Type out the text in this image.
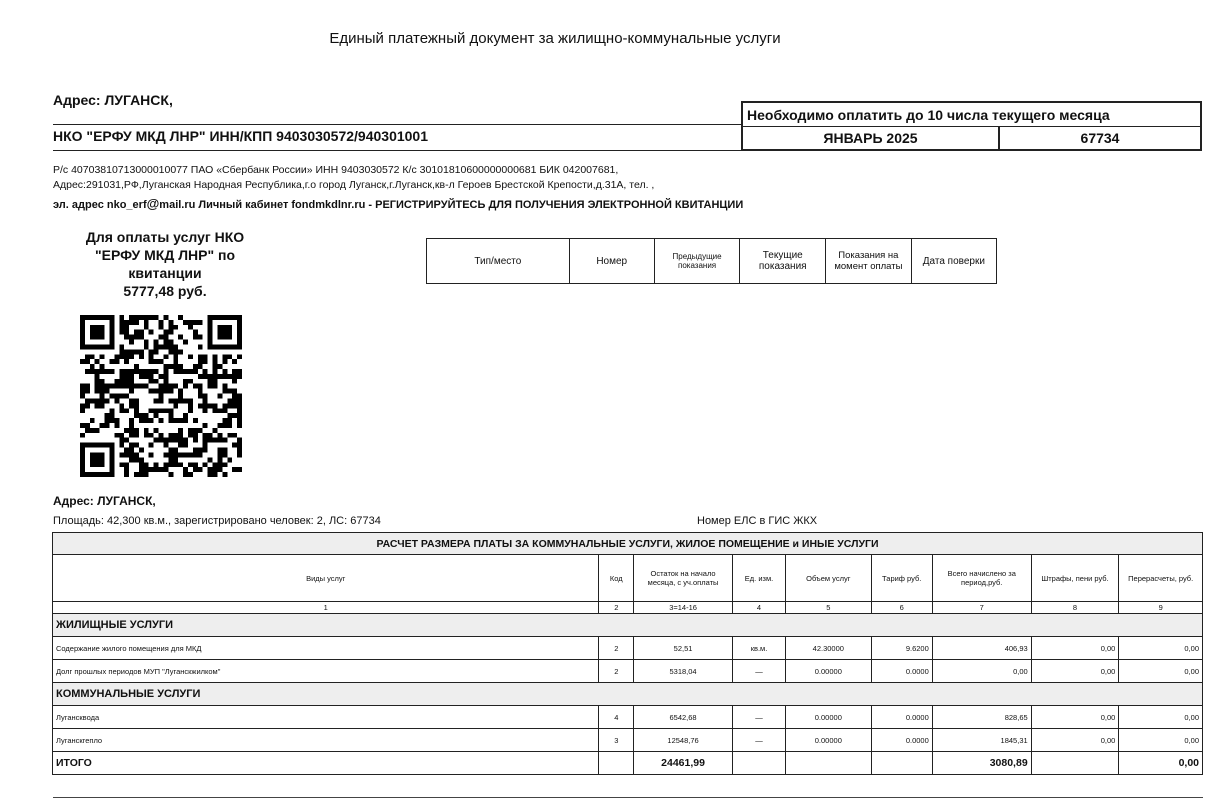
Единый платежный документ за жилищно-коммунальные услуги
Адрес: ЛУГАНСК,
НКО "ЕРФУ МКД ЛНР" ИНН/КПП 9403030572/940301001
Необходимо оплатить до 10 числа текущего месяца
ЯНВАРЬ 2025	67734
Р/с 40703810713000010077 ПАО «Сбербанк России» ИНН 9403030572 К/с 30101810600000000681 БИК 042007681,
Адрес:291031,РФ,Луганская Народная Республика,г.о город Луганск,г.Луганск,кв-л Героев Брестской Крепости,д.31А, тел. ,
эл. адрес nko_erf@mail.ru Личный кабинет fondmkdlnr.ru - РЕГИСТРИРУЙТЕСЬ ДЛЯ ПОЛУЧЕНИЯ ЭЛЕКТРОННОЙ КВИТАНЦИИ
Для оплаты услуг НКО
"ЕРФУ МКД ЛНР" по
квитанции
5777,48 руб.
Тип/место	Номер	Предыдущие показания	Текущие показания	Показания на момент оплаты	Дата поверки
Адрес: ЛУГАНСК,
Площадь: 42,300 кв.м., зарегистрировано человек: 2, ЛС: 67734	Номер ЕЛС в ГИС ЖКХ
РАСЧЕТ РАЗМЕРА ПЛАТЫ ЗА КОММУНАЛЬНЫЕ УСЛУГИ, ЖИЛОЕ ПОМЕЩЕНИЕ и ИНЫЕ УСЛУГИ								
Виды услуг	Код	Остаток на начало месяца, с уч.оплаты	Ед. изм.	Объем услуг	Тариф руб.	Всего начислено за период,руб.	Штрафы, пени руб.	Перерасчеты, руб.
1	2	3=14-16	4	5	6	7	8	9
ЖИЛИЩНЫЕ УСЛУГИ								
Содержание жилого помещения для МКД	2	52,51	кв.м.	42.30000	9.6200	406,93	0,00	0,00
Долг прошлых периодов МУП "Луганскжилком"	2	5318,04	—	0.00000	0.0000	0,00	0,00	0,00
КОММУНАЛЬНЫЕ УСЛУГИ								
Лугансквода	4	6542,68	—	0.00000	0.0000	828,65	0,00	0,00
Луганскгепло	3	12548,76	—	0.00000	0.0000	1845,31	0,00	0,00
ИТОГО		24461,99				3080,89		0,00
